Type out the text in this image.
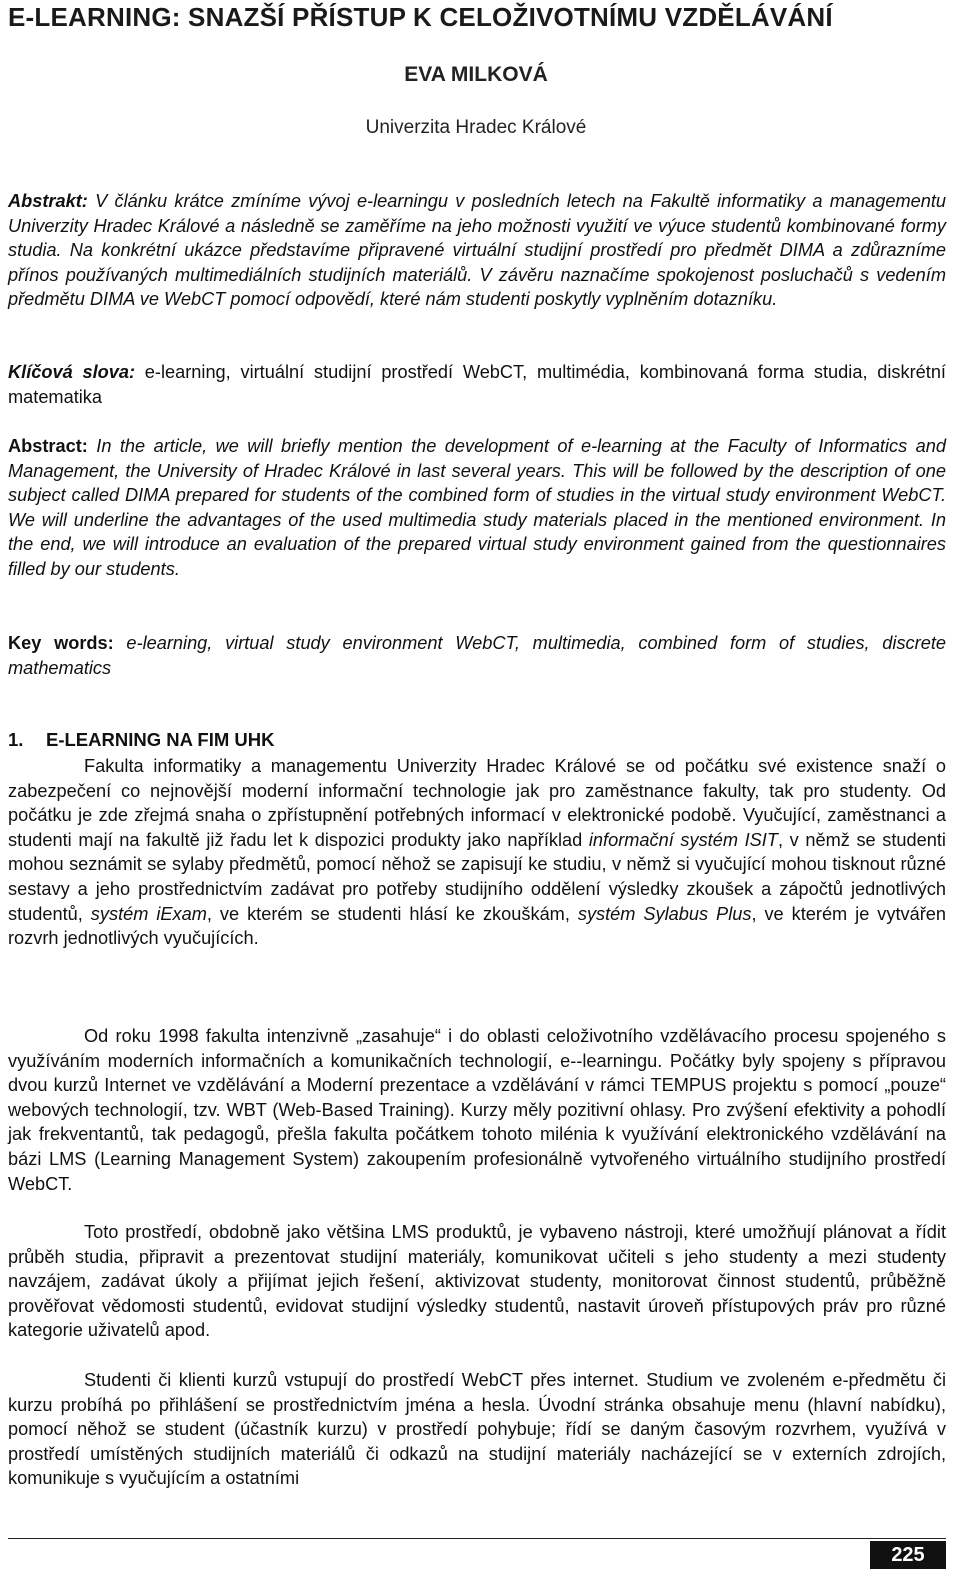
E-LEARNING: SNAZŠÍ PŘÍSTUP K CELOŽIVOTNÍMU VZDĚLÁVÁNÍ
EVA MILKOVÁ
Univerzita Hradec Králové
Abstrakt: V článku krátce zmíníme vývoj e-learningu v posledních letech na Fakultě informatiky a managementu Univerzity Hradec Králové a následně se zaměříme na jeho možnosti využití ve výuce studentů kombinované formy studia. Na konkrétní ukázce představíme připravené virtuální studijní prostředí pro předmět DIMA a zdůrazníme přínos používaných multimediálních studijních materiálů. V závěru naznačíme spokojenost posluchačů s vedením předmětu DIMA ve WebCT pomocí odpovědí, které nám studenti poskytly vyplněním dotazníku.
Klíčová slova: e-learning, virtuální studijní prostředí WebCT, multimédia, kombinovaná forma studia, diskrétní matematika
Abstract: In the article, we will briefly mention the development of e-learning at the Faculty of Informatics and Management, the University of Hradec Králové in last several years. This will be followed by the description of one subject called DIMA prepared for students of the combined form of studies in the virtual study environment WebCT. We will underline the advantages of the used multimedia study materials placed in the mentioned environment. In the end, we will introduce an evaluation of the prepared virtual study environment gained from the questionnaires filled by our students.
Key words: e-learning, virtual study environment WebCT, multimedia, combined form of studies, discrete mathematics
1. E-LEARNING NA FIM UHK
Fakulta informatiky a managementu Univerzity Hradec Králové se od počátku své existence snaží o zabezpečení co nejnovější moderní informační technologie jak pro zaměstnance fakulty, tak pro studenty. Od počátku je zde zřejmá snaha o zpřístupnění potřebných informací v elektronické podobě. Vyučující, zaměstnanci a studenti mají na fakultě již řadu let k dispozici produkty jako například informační systém ISIT, v němž se studenti mohou seznámit se sylaby předmětů, pomocí něhož se zapisují ke studiu, v němž si vyučující mohou tisknout různé sestavy a jeho prostřednictvím zadávat pro potřeby studijního oddělení výsledky zkoušek a zápočtů jednotlivých studentů, systém iExam, ve kterém se studenti hlásí ke zkouškám, systém Sylabus Plus, ve kterém je vytvářen rozvrh jednotlivých vyučujících.
Od roku 1998 fakulta intenzivně „zasahuje“ i do oblasti celoživotního vzdělávacího procesu spojeného s využíváním moderních informačních a komunikačních technologií, e--learningu. Počátky byly spojeny s přípravou dvou kurzů Internet ve vzdělávání a Moderní prezentace a vzdělávání v rámci TEMPUS projektu s pomocí „pouze“ webových technologií, tzv. WBT (Web-Based Training). Kurzy měly pozitivní ohlasy. Pro zvýšení efektivity a pohodlí jak frekventantů, tak pedagogů, přešla fakulta počátkem tohoto milénia k využívání elektronického vzdělávání na bázi LMS (Learning Management System) zakoupením profesionálně vytvořeného virtuálního studijního prostředí WebCT.
Toto prostředí, obdobně jako většina LMS produktů, je vybaveno nástroji, které umožňují plánovat a řídit průběh studia, připravit a prezentovat studijní materiály, komunikovat učiteli s jeho studenty a mezi studenty navzájem, zadávat úkoly a přijímat jejich řešení, aktivizovat studenty, monitorovat činnost studentů, průběžně prověřovat vědomosti studentů, evidovat studijní výsledky studentů, nastavit úroveň přístupových práv pro různé kategorie uživatelů apod.
Studenti či klienti kurzů vstupují do prostředí WebCT přes internet. Studium ve zvoleném e-předmětu či kurzu probíhá po přihlášení se prostřednictvím jména a hesla. Úvodní stránka obsahuje menu (hlavní nabídku), pomocí něhož se student (účastník kurzu) v prostředí pohybuje; řídí se daným časovým rozvrhem, využívá v prostředí umístěných studijních materiálů či odkazů na studijní materiály nacházející se v externích zdrojích, komunikuje s vyučujícím a ostatními
225
